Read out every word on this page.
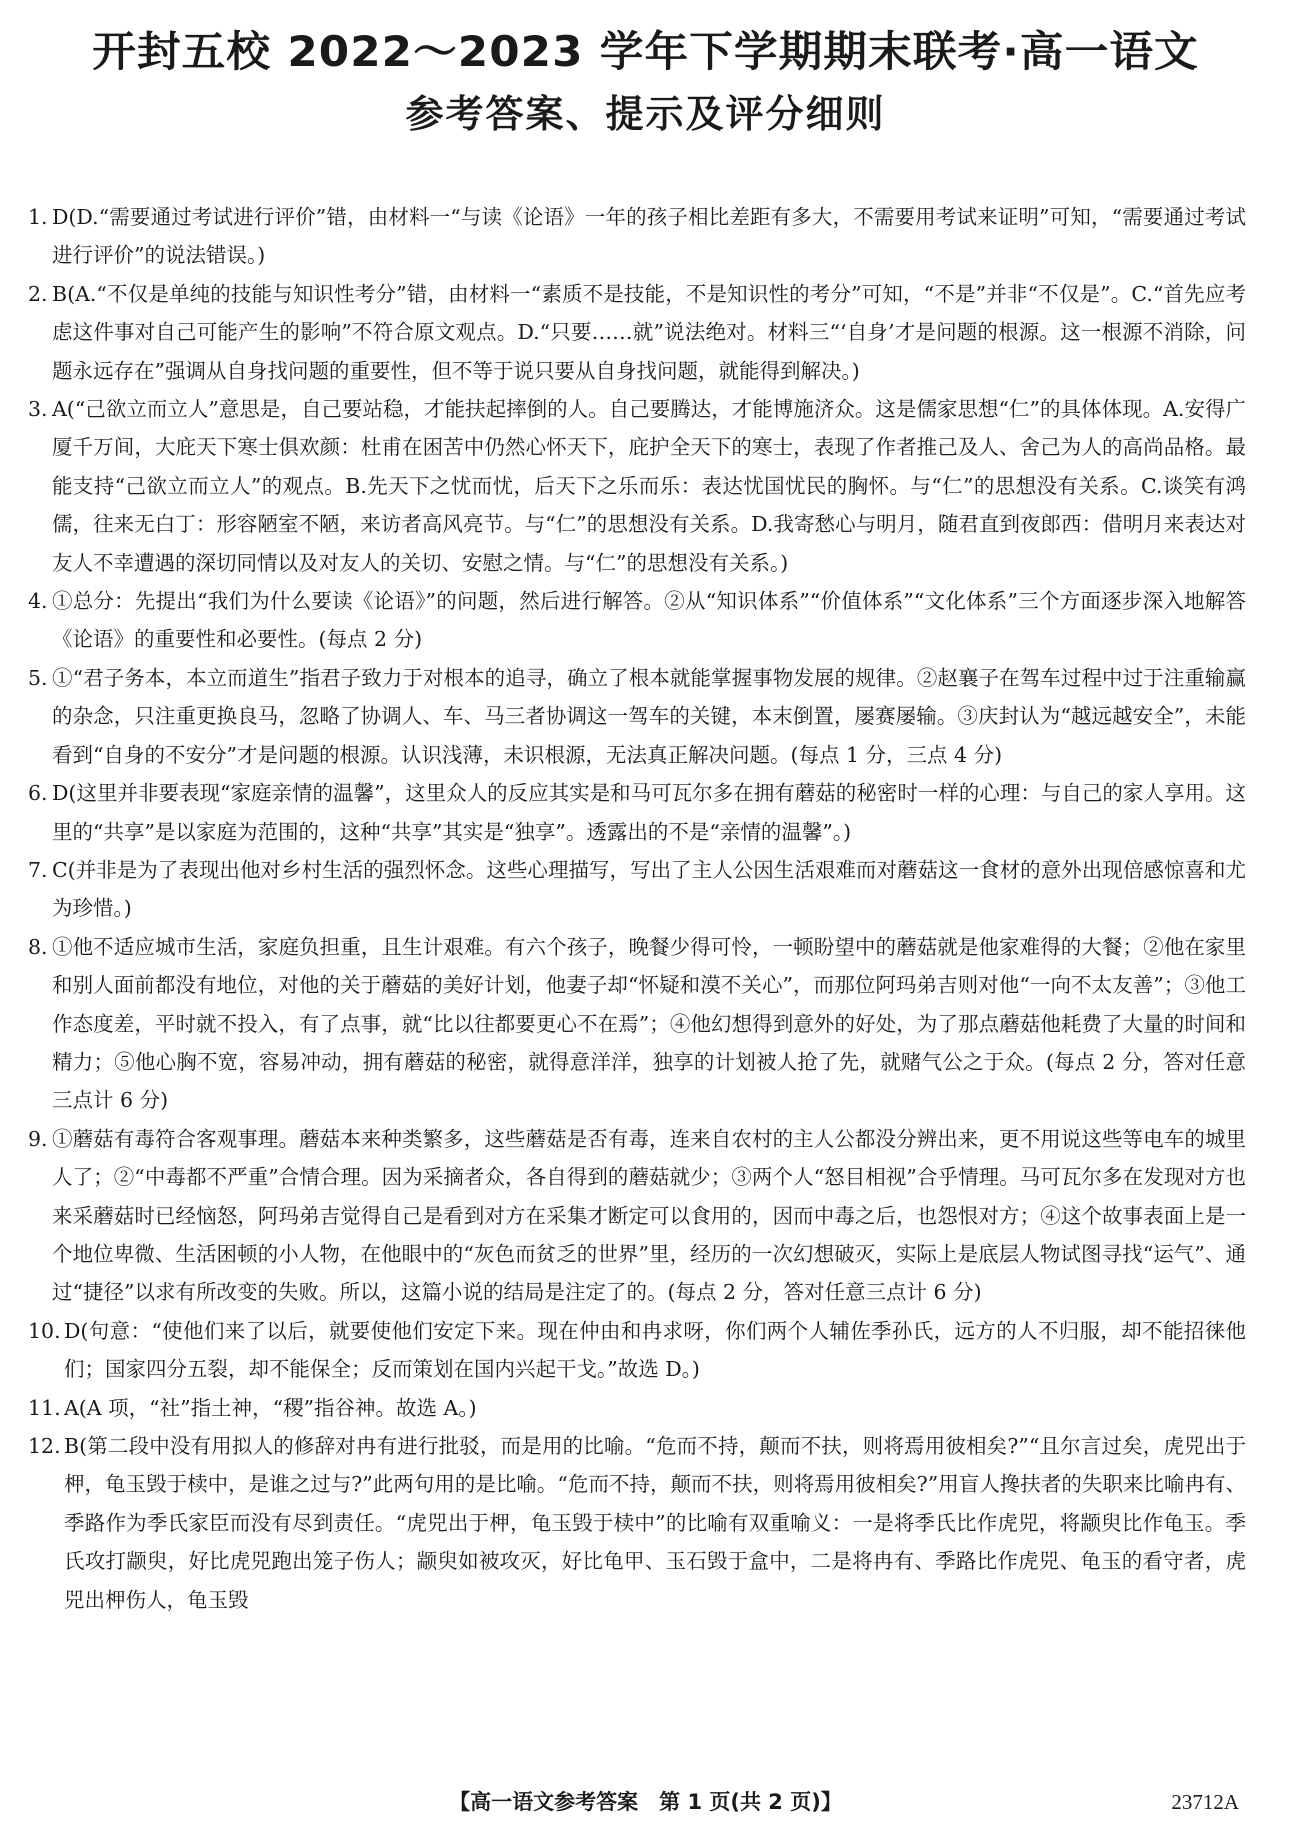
开封五校 2022～2023 学年下学期期末联考·高一语文
参考答案、提示及评分细则

1. D(D.“需要通过考试进行评价”错，由材料一“与读《论语》一年的孩子相比差距有多大，不需要用考试来证明”可知，“需要通过考试进行评价”的说法错误。)

2. B(A.“不仅是单纯的技能与知识性考分”错，由材料一“素质不是技能，不是知识性的考分”可知，“不是”并非“不仅是”。C.“首先应考虑这件事对自己可能产生的影响”不符合原文观点。D.“只要……就”说法绝对。材料三“‘自身’才是问题的根源。这一根源不消除，问题永远存在”强调从自身找问题的重要性，但不等于说只要从自身找问题，就能得到解决。)

3. A(“己欲立而立人”意思是，自己要站稳，才能扶起摔倒的人。自己要腾达，才能博施济众。这是儒家思想“仁”的具体体现。A.安得广厦千万间，大庇天下寒士俱欢颜：杜甫在困苦中仍然心怀天下，庇护全天下的寒士，表现了作者推己及人、舍己为人的高尚品格。最能支持“己欲立而立人”的观点。B.先天下之忧而忧，后天下之乐而乐：表达忧国忧民的胸怀。与“仁”的思想没有关系。C.谈笑有鸿儒，往来无白丁：形容陋室不陋，来访者高风亮节。与“仁”的思想没有关系。D.我寄愁心与明月，随君直到夜郎西：借明月来表达对友人不幸遭遇的深切同情以及对友人的关切、安慰之情。与“仁”的思想没有关系。)

4. ①总分：先提出“我们为什么要读《论语》”的问题，然后进行解答。②从“知识体系”“价值体系”“文化体系”三个方面逐步深入地解答《论语》的重要性和必要性。(每点 2 分)

5. ①“君子务本，本立而道生”指君子致力于对根本的追寻，确立了根本就能掌握事物发展的规律。②赵襄子在驾车过程中过于注重输赢的杂念，只注重更换良马，忽略了协调人、车、马三者协调这一驾车的关键，本末倒置，屡赛屡输。③庆封认为“越远越安全”，未能看到“自身的不安分”才是问题的根源。认识浅薄，未识根源，无法真正解决问题。(每点 1 分，三点 4 分)

6. D(这里并非要表现“家庭亲情的温馨”，这里众人的反应其实是和马可瓦尔多在拥有蘑菇的秘密时一样的心理：与自己的家人享用。这里的“共享”是以家庭为范围的，这种“共享”其实是“独享”。透露出的不是“亲情的温馨”。)

7. C(并非是为了表现出他对乡村生活的强烈怀念。这些心理描写，写出了主人公因生活艰难而对蘑菇这一食材的意外出现倍感惊喜和尤为珍惜。)

8. ①他不适应城市生活，家庭负担重，且生计艰难。有六个孩子，晚餐少得可怜，一顿盼望中的蘑菇就是他家难得的大餐；②他在家里和别人面前都没有地位，对他的关于蘑菇的美好计划，他妻子却“怀疑和漠不关心”，而那位阿玛弟吉则对他“一向不太友善”；③他工作态度差，平时就不投入，有了点事，就“比以往都要更心不在焉”；④他幻想得到意外的好处，为了那点蘑菇他耗费了大量的时间和精力；⑤他心胸不宽，容易冲动，拥有蘑菇的秘密，就得意洋洋，独享的计划被人抢了先，就赌气公之于众。(每点 2 分，答对任意三点计 6 分)

9. ①蘑菇有毒符合客观事理。蘑菇本来种类繁多，这些蘑菇是否有毒，连来自农村的主人公都没分辨出来，更不用说这些等电车的城里人了；②“中毒都不严重”合情合理。因为采摘者众，各自得到的蘑菇就少；③两个人“怒目相视”合乎情理。马可瓦尔多在发现对方也来采蘑菇时已经恼怒，阿玛弟吉觉得自己是看到对方在采集才断定可以食用的，因而中毒之后，也怨恨对方；④这个故事表面上是一个地位卑微、生活困顿的小人物，在他眼中的“灰色而贫乏的世界”里，经历的一次幻想破灭，实际上是底层人物试图寻找“运气”、通过“捷径”以求有所改变的失败。所以，这篇小说的结局是注定了的。(每点 2 分，答对任意三点计 6 分)

10. D(句意：“使他们来了以后，就要使他们安定下来。现在仲由和冉求呀，你们两个人辅佐季孙氏，远方的人不归服，却不能招徕他们；国家四分五裂，却不能保全；反而策划在国内兴起干戈。”故选 D。)

11. A(A 项，“社”指土神，“稷”指谷神。故选 A。)

12. B(第二段中没有用拟人的修辞对冉有进行批驳，而是用的比喻。“危而不持，颠而不扶，则将焉用彼相矣?”“且尔言过矣，虎兕出于柙，龟玉毁于椟中，是谁之过与?”此两句用的是比喻。“危而不持，颠而不扶，则将焉用彼相矣?”用盲人搀扶者的失职来比喻冉有、季路作为季氏家臣而没有尽到责任。“虎兕出于柙，龟玉毁于椟中”的比喻有双重喻义：一是将季氏比作虎兕，将颛臾比作龟玉。季氏攻打颛臾，好比虎兕跑出笼子伤人；颛臾如被攻灭，好比龟甲、玉石毁于盒中，二是将冉有、季路比作虎兕、龟玉的看守者，虎兕出柙伤人，龟玉毁

【高一语文参考答案　第 1 页(共 2 页)】	23712A
